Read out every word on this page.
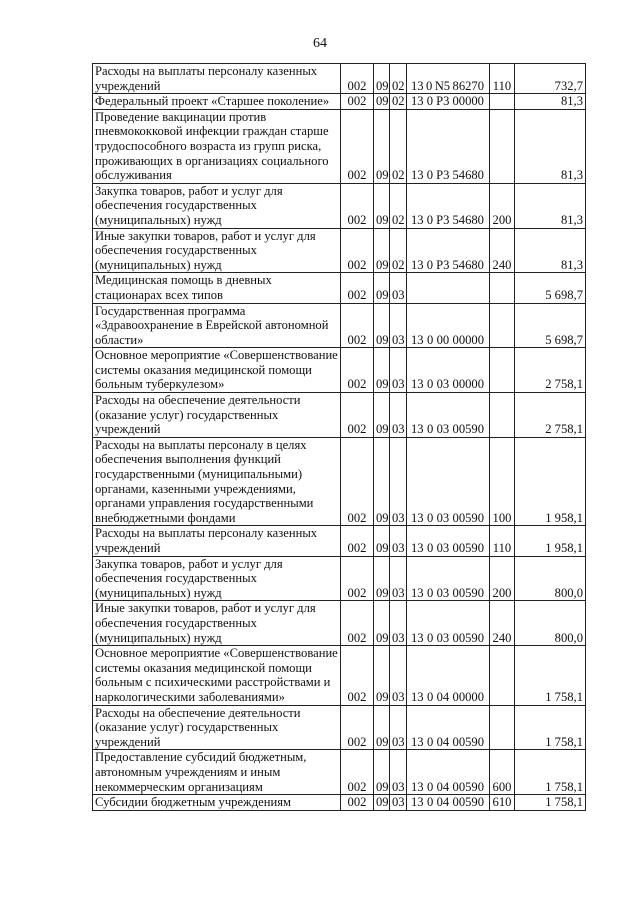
64
Расходы на выплаты персоналу казенных учреждений	002	09	02	13 0 N5 86270	110	732,7
Федеральный проект «Старшее поколение»	002	09	02	13 0 P3 00000		81,3
Проведение вакцинации против пневмококковой инфекции граждан старше трудоспособного возраста из групп риска, проживающих в организациях социального обслуживания	002	09	02	13 0 P3 54680		81,3
Закупка товаров, работ и услуг для обеспечения государственных (муниципальных) нужд	002	09	02	13 0 P3 54680	200	81,3
Иные закупки товаров, работ и услуг для обеспечения государственных (муниципальных) нужд	002	09	02	13 0 P3 54680	240	81,3
Медицинская помощь в дневных стационарах всех типов	002	09	03			5 698,7
Государственная программа «Здравоохранение в Еврейской автономной области»	002	09	03	13 0 00 00000		5 698,7
Основное мероприятие «Совершенствование системы оказания медицинской помощи больным туберкулезом»	002	09	03	13 0 03 00000		2 758,1
Расходы на обеспечение деятельности (оказание услуг) государственных учреждений	002	09	03	13 0 03 00590		2 758,1
Расходы на выплаты персоналу в целях обеспечения выполнения функций государственными (муниципальными) органами, казенными учреждениями, органами управления государственными внебюджетными фондами	002	09	03	13 0 03 00590	100	1 958,1
Расходы на выплаты персоналу казенных учреждений	002	09	03	13 0 03 00590	110	1 958,1
Закупка товаров, работ и услуг для обеспечения государственных (муниципальных) нужд	002	09	03	13 0 03 00590	200	800,0
Иные закупки товаров, работ и услуг для обеспечения государственных (муниципальных) нужд	002	09	03	13 0 03 00590	240	800,0
Основное мероприятие «Совершенствование системы оказания медицинской помощи больным с психическими расстройствами и наркологическими заболеваниями»	002	09	03	13 0 04 00000		1 758,1
Расходы на обеспечение деятельности (оказание услуг) государственных учреждений	002	09	03	13 0 04 00590		1 758,1
Предоставление субсидий бюджетным, автономным учреждениям и иным некоммерческим организациям	002	09	03	13 0 04 00590	600	1 758,1
Субсидии бюджетным учреждениям	002	09	03	13 0 04 00590	610	1 758,1
